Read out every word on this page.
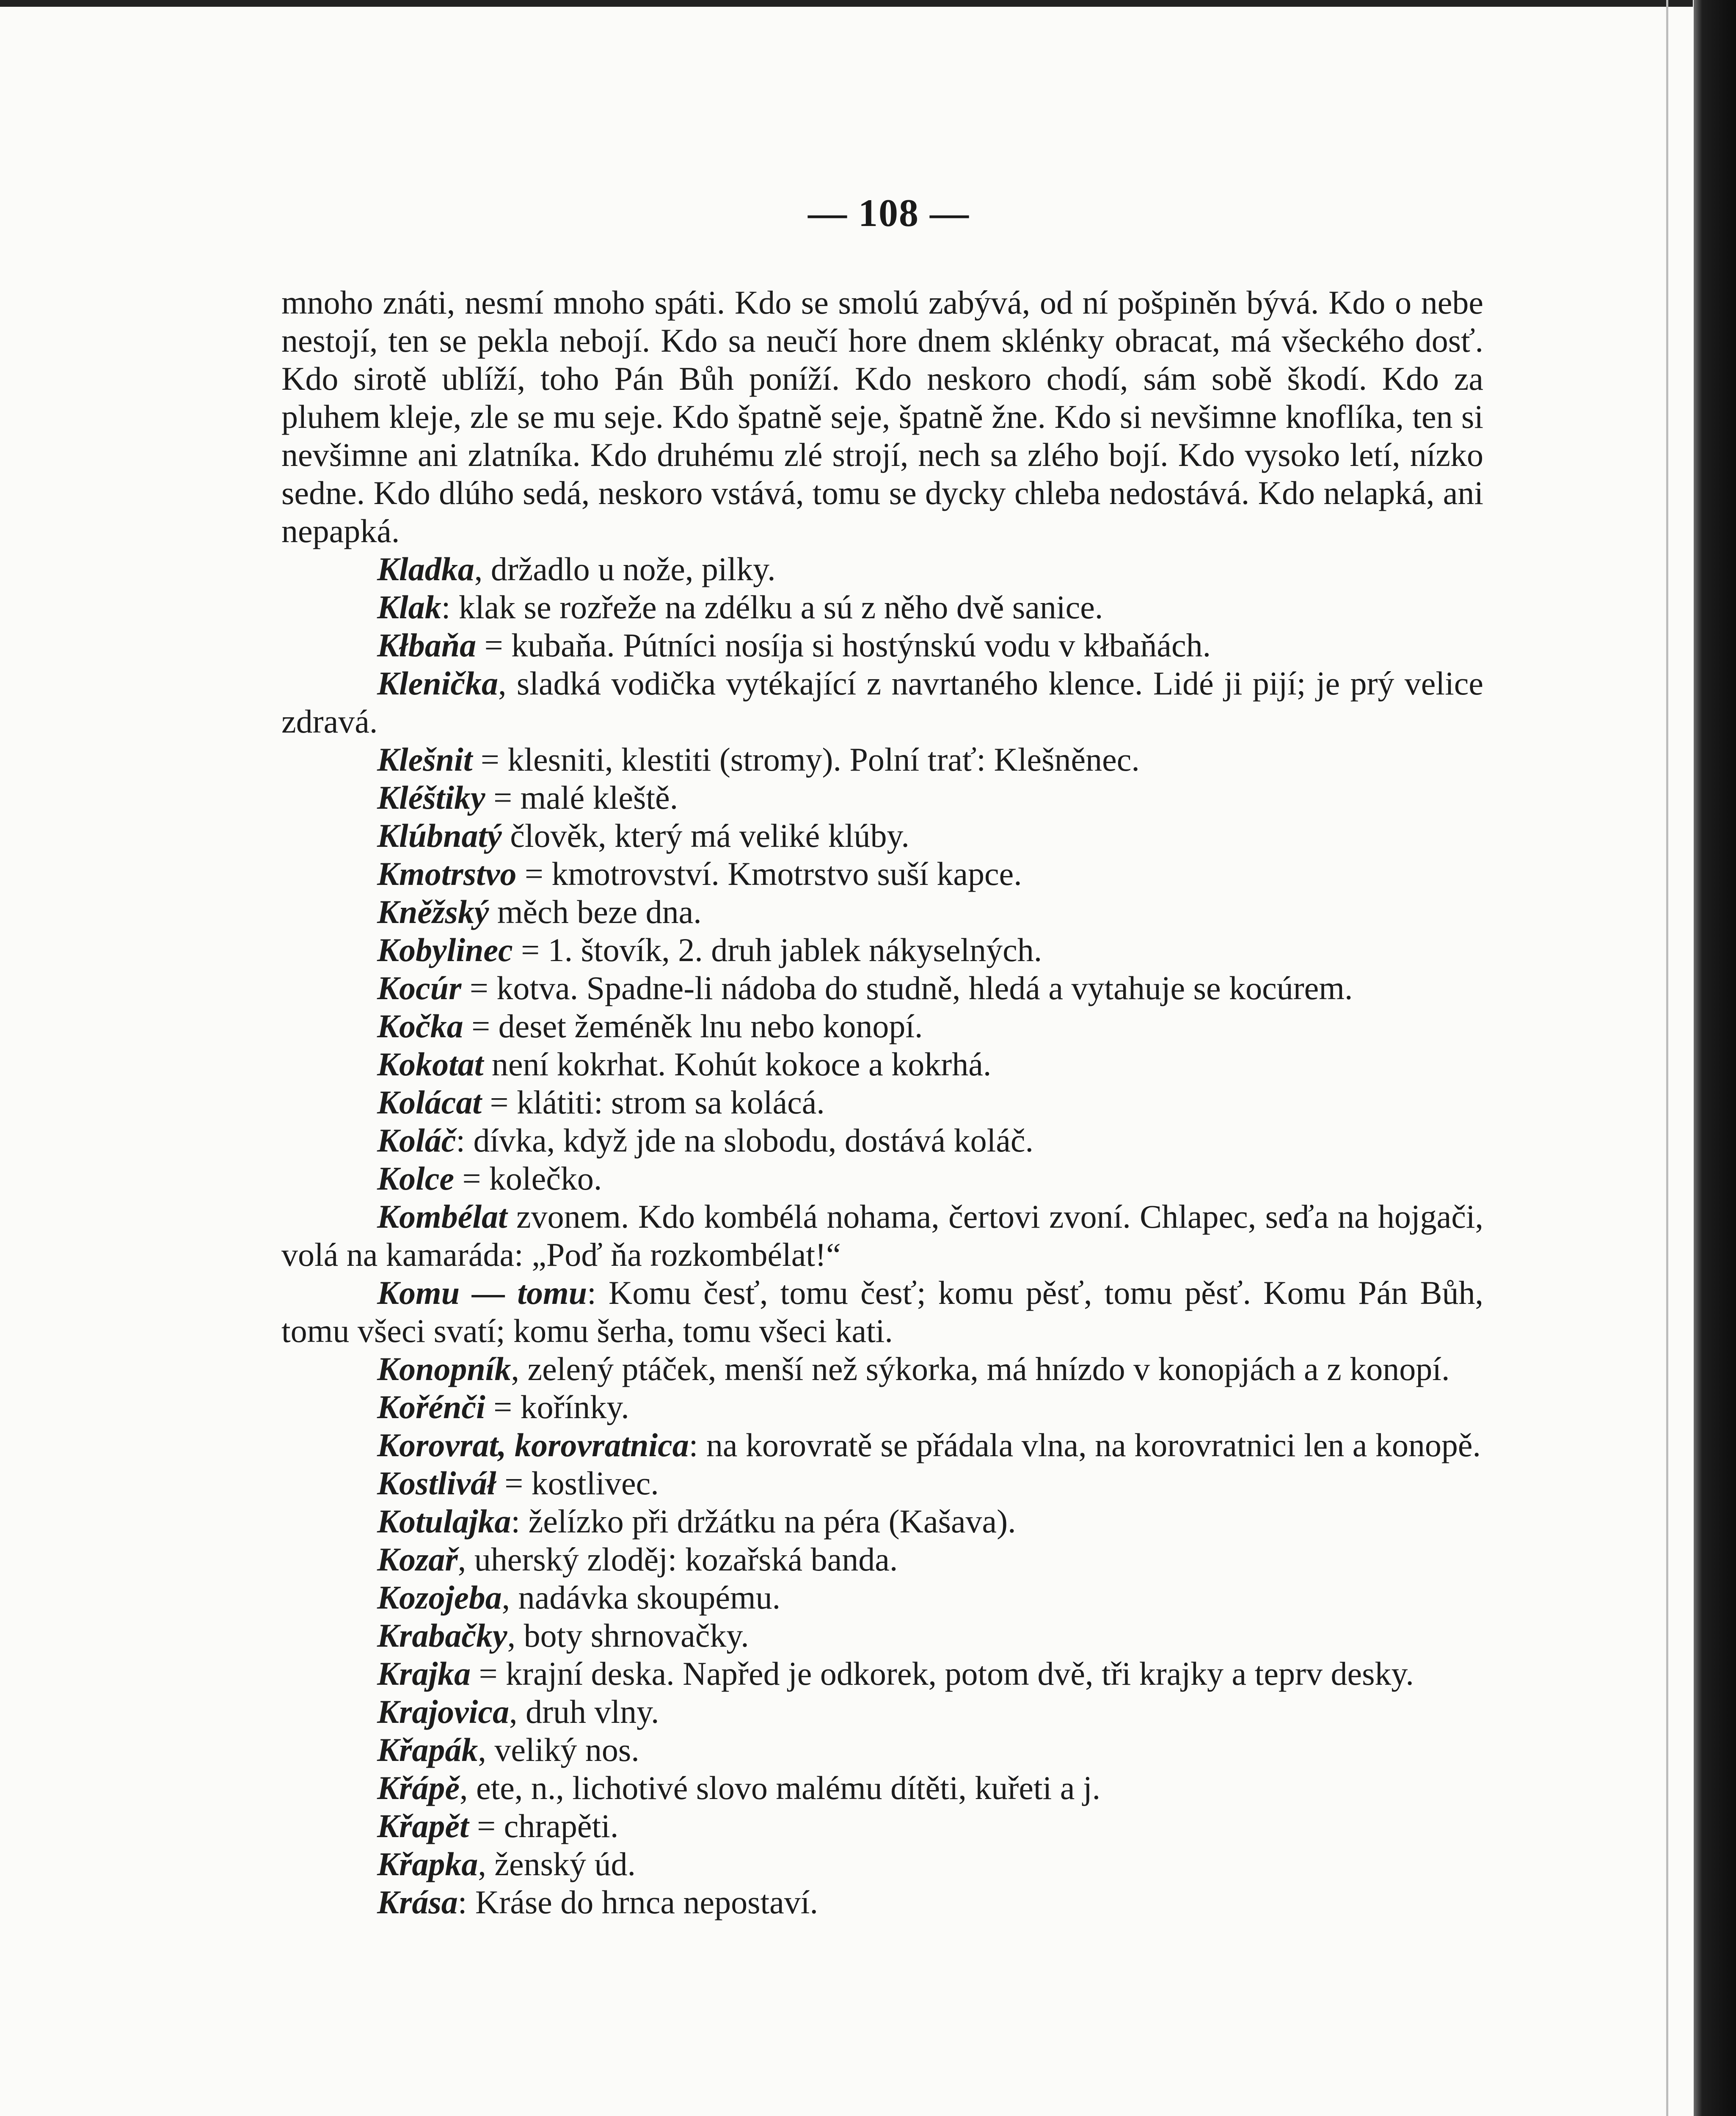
— 108 —

mnoho znáti, nesmí mnoho spáti. Kdo se smolú zabývá, od ní pošpiněn bývá. Kdo o nebe nestojí, ten se pekla nebojí. Kdo sa neučí hore dnem sklénky obracat, má všeckého dosť. Kdo sirotě ublíží, toho Pán Bůh poníží. Kdo neskoro chodí, sám sobě škodí. Kdo za pluhem kleje, zle se mu seje. Kdo špatně seje, špatně žne. Kdo si nevšimne knoflíka, ten si nevšimne ani zlatníka. Kdo druhému zlé strojí, nech sa zlého bojí. Kdo vysoko letí, nízko sedne. Kdo dlúho sedá, neskoro vstává, tomu se dycky chleba nedostává. Kdo nelapká, ani nepapká.

Kladka, držadlo u nože, pilky.

Klak: klak se rozřeže na zdélku a sú z něho dvě sanice.

Kłbaňa = kubaňa. Pútníci nosíja si hostýnskú vodu v kłbaňách.

Klenička, sladká vodička vytékající z navrtaného klence. Lidé ji pijí; je prý velice zdravá.

Klešnit = klesniti, klestiti (stromy). Polní trať: Klešněnec.

Kléštiky = malé kleště.

Klúbnatý člověk, který má veliké klúby.

Kmotrstvo = kmotrovství. Kmotrstvo suší kapce.

Kněžský měch beze dna.

Kobylinec = 1. štovík, 2. druh jablek nákyselných.

Kocúr = kotva. Spadne-li nádoba do studně, hledá a vytahuje se kocúrem.

Kočka = deset žeméněk lnu nebo konopí.

Kokotat není kokrhat. Kohút kokoce a kokrhá.

Kolácat = klátiti: strom sa kolácá.

Koláč: dívka, když jde na slobodu, dostává koláč.

Kolce = kolečko.

Kombélat zvonem. Kdo kombélá nohama, čertovi zvoní. Chlapec, seďa na hojgači, volá na kamaráda: „Poď ňa rozkombélat!“

Komu — tomu: Komu česť, tomu česť; komu pěsť, tomu pěsť. Komu Pán Bůh, tomu všeci svatí; komu šerha, tomu všeci kati.

Konopník, zelený ptáček, menší než sýkorka, má hnízdo v konopjách a z konopí.

Kořénči = kořínky.

Korovrat, korovratnica: na korovratě se přádala vlna, na korovratnici len a konopě.

Kostliváł = kostlivec.

Kotulajka: želízko při držátku na péra (Kašava).

Kozař, uherský zloděj: kozařská banda.

Kozojeba, nadávka skoupému.

Krabačky, boty shrnovačky.

Krajka = krajní deska. Napřed je odkorek, potom dvě, tři krajky a teprv desky.

Krajovica, druh vlny.

Křapák, veliký nos.

Křápě, ete, n., lichotivé slovo malému dítěti, kuřeti a j.

Křapět = chrapěti.

Křapka, ženský úd.

Krása: Kráse do hrnca nepostaví.
